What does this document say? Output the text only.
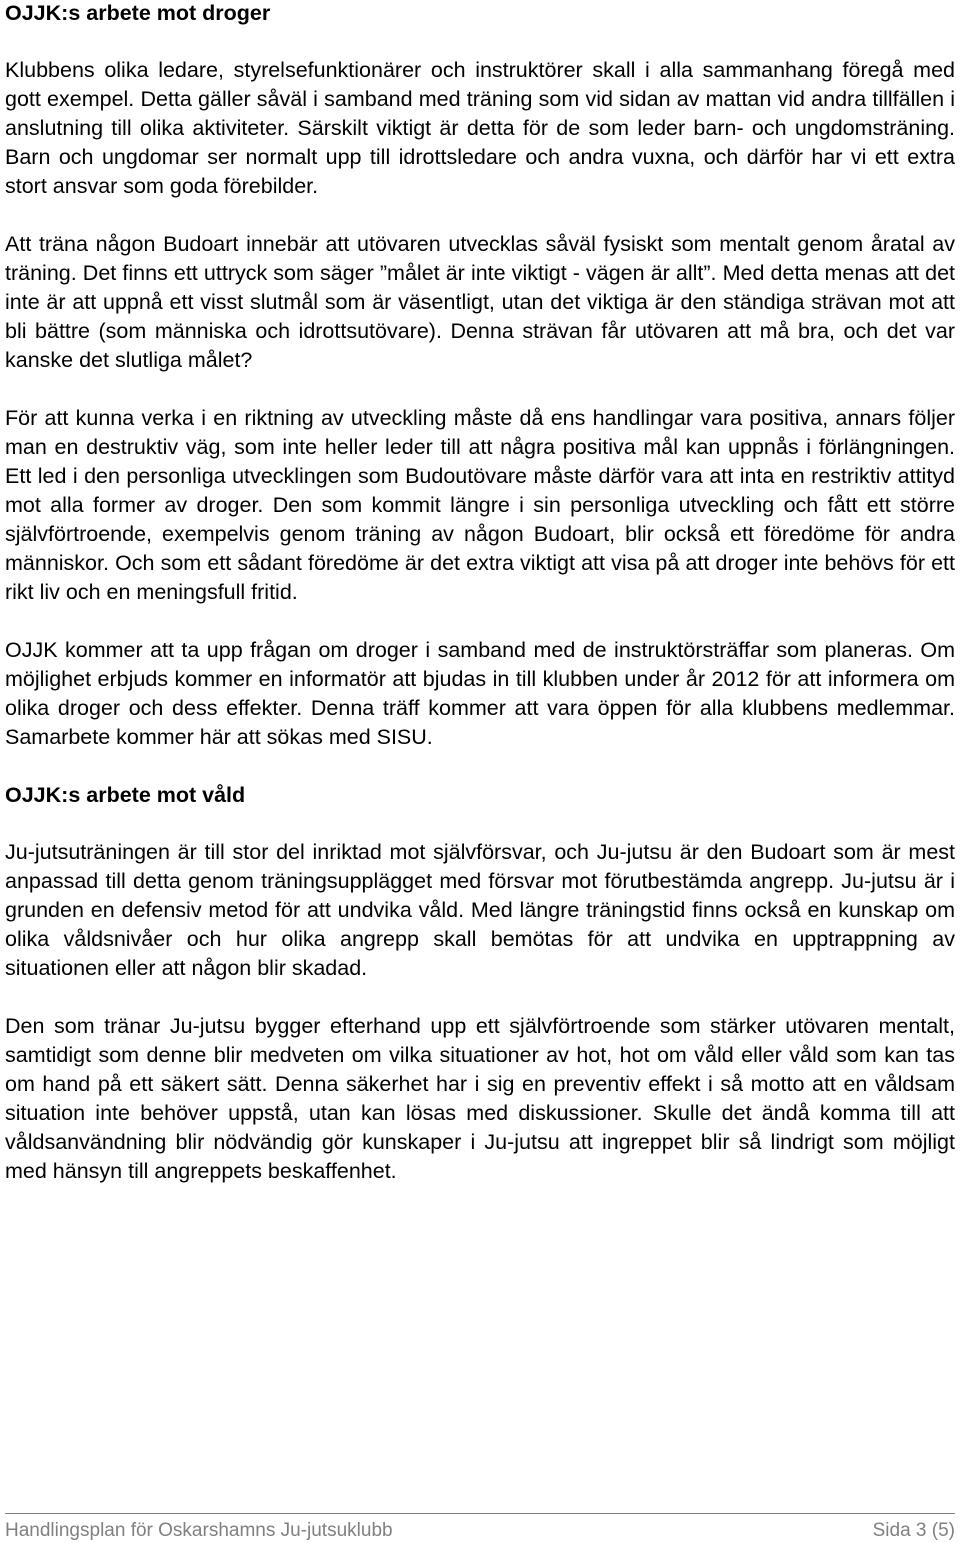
OJJK:s arbete mot droger

Klubbens olika ledare, styrelsefunktionärer och instruktörer skall i alla sammanhang föregå med gott exempel. Detta gäller såväl i samband med träning som vid sidan av mattan vid andra tillfällen i anslutning till olika aktiviteter. Särskilt viktigt är detta för de som leder barn- och ungdomsträning. Barn och ungdomar ser normalt upp till idrottsledare och andra vuxna, och därför har vi ett extra stort ansvar som goda förebilder.

Att träna någon Budoart innebär att utövaren utvecklas såväl fysiskt som mentalt genom åratal av träning. Det finns ett uttryck som säger ”målet är inte viktigt - vägen är allt”. Med detta menas att det inte är att uppnå ett visst slutmål som är väsentligt, utan det viktiga är den ständiga strävan mot att bli bättre (som människa och idrottsutövare). Denna strävan får utövaren att må bra, och det var kanske det slutliga målet?

För att kunna verka i en riktning av utveckling måste då ens handlingar vara positiva, annars följer man en destruktiv väg, som inte heller leder till att några positiva mål kan uppnås i förlängningen. Ett led i den personliga utvecklingen som Budoutövare måste därför vara att inta en restriktiv attityd mot alla former av droger. Den som kommit längre i sin personliga utveckling och fått ett större självförtroende, exempelvis genom träning av någon Budoart, blir också ett föredöme för andra människor. Och som ett sådant föredöme är det extra viktigt att visa på att droger inte behövs för ett rikt liv och en meningsfull fritid.

OJJK kommer att ta upp frågan om droger i samband med de instruktörsträffar som planeras. Om möjlighet erbjuds kommer en informatör att bjudas in till klubben under år 2012 för att informera om olika droger och dess effekter. Denna träff kommer att vara öppen för alla klubbens medlemmar. Samarbete kommer här att sökas med SISU.

OJJK:s arbete mot våld

Ju-jutsuträningen är till stor del inriktad mot självförsvar, och Ju-jutsu är den Budoart som är mest anpassad till detta genom träningsupplägget med försvar mot förutbestämda angrepp. Ju-jutsu är i grunden en defensiv metod för att undvika våld. Med längre träningstid finns också en kunskap om olika våldsnivåer och hur olika angrepp skall bemötas för att undvika en upptrappning av situationen eller att någon blir skadad.

Den som tränar Ju-jutsu bygger efterhand upp ett självförtroende som stärker utövaren mentalt, samtidigt som denne blir medveten om vilka situationer av hot, hot om våld eller våld som kan tas om hand på ett säkert sätt. Denna säkerhet har i sig en preventiv effekt i så motto att en våldsam situation inte behöver uppstå, utan kan lösas med diskussioner. Skulle det ändå komma till att våldsanvändning blir nödvändig gör kunskaper i Ju-jutsu att ingreppet blir så lindrigt som möjligt med hänsyn till angreppets beskaffenhet.

Handlingsplan för Oskarshamns Ju-jutsuklubb	Sida 3 (5)
